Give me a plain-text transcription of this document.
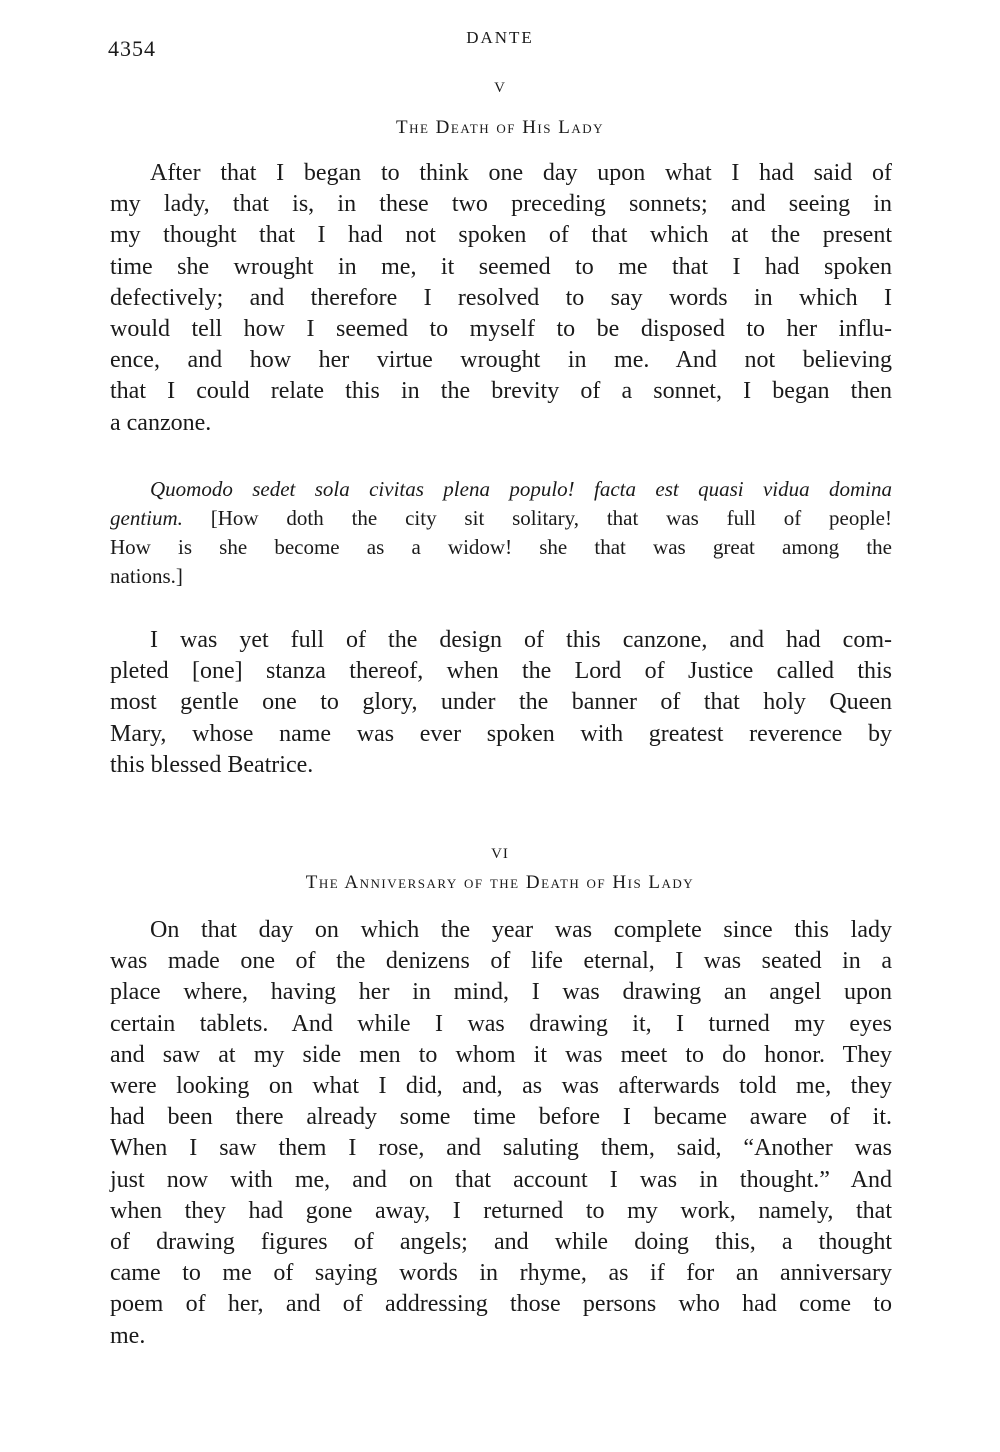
4354	DANTE
V
The Death of His Lady
After that I began to think one day upon what I had said of
my lady, that is, in these two preceding sonnets; and seeing in
my thought that I had not spoken of that which at the present
time she wrought in me, it seemed to me that I had spoken
defectively; and therefore I resolved to say words in which I
would tell how I seemed to myself to be disposed to her influ-
ence, and how her virtue wrought in me. And not believing
that I could relate this in the brevity of a sonnet, I began then
a canzone.
Quomodo sedet sola civitas plena populo! facta est quasi vidua domina
gentium. [How doth the city sit solitary, that was full of people!
How is she become as a widow! she that was great among the
nations.]
I was yet full of the design of this canzone, and had com-
pleted [one] stanza thereof, when the Lord of Justice called this
most gentle one to glory, under the banner of that holy Queen
Mary, whose name was ever spoken with greatest reverence by
this blessed Beatrice.
VI
The Anniversary of the Death of His Lady
On that day on which the year was complete since this lady
was made one of the denizens of life eternal, I was seated in a
place where, having her in mind, I was drawing an angel upon
certain tablets. And while I was drawing it, I turned my eyes
and saw at my side men to whom it was meet to do honor. They
were looking on what I did, and, as was afterwards told me, they
had been there already some time before I became aware of it.
When I saw them I rose, and saluting them, said, “Another was
just now with me, and on that account I was in thought.” And
when they had gone away, I returned to my work, namely, that
of drawing figures of angels; and while doing this, a thought
came to me of saying words in rhyme, as if for an anniversary
poem of her, and of addressing those persons who had come to
me.
